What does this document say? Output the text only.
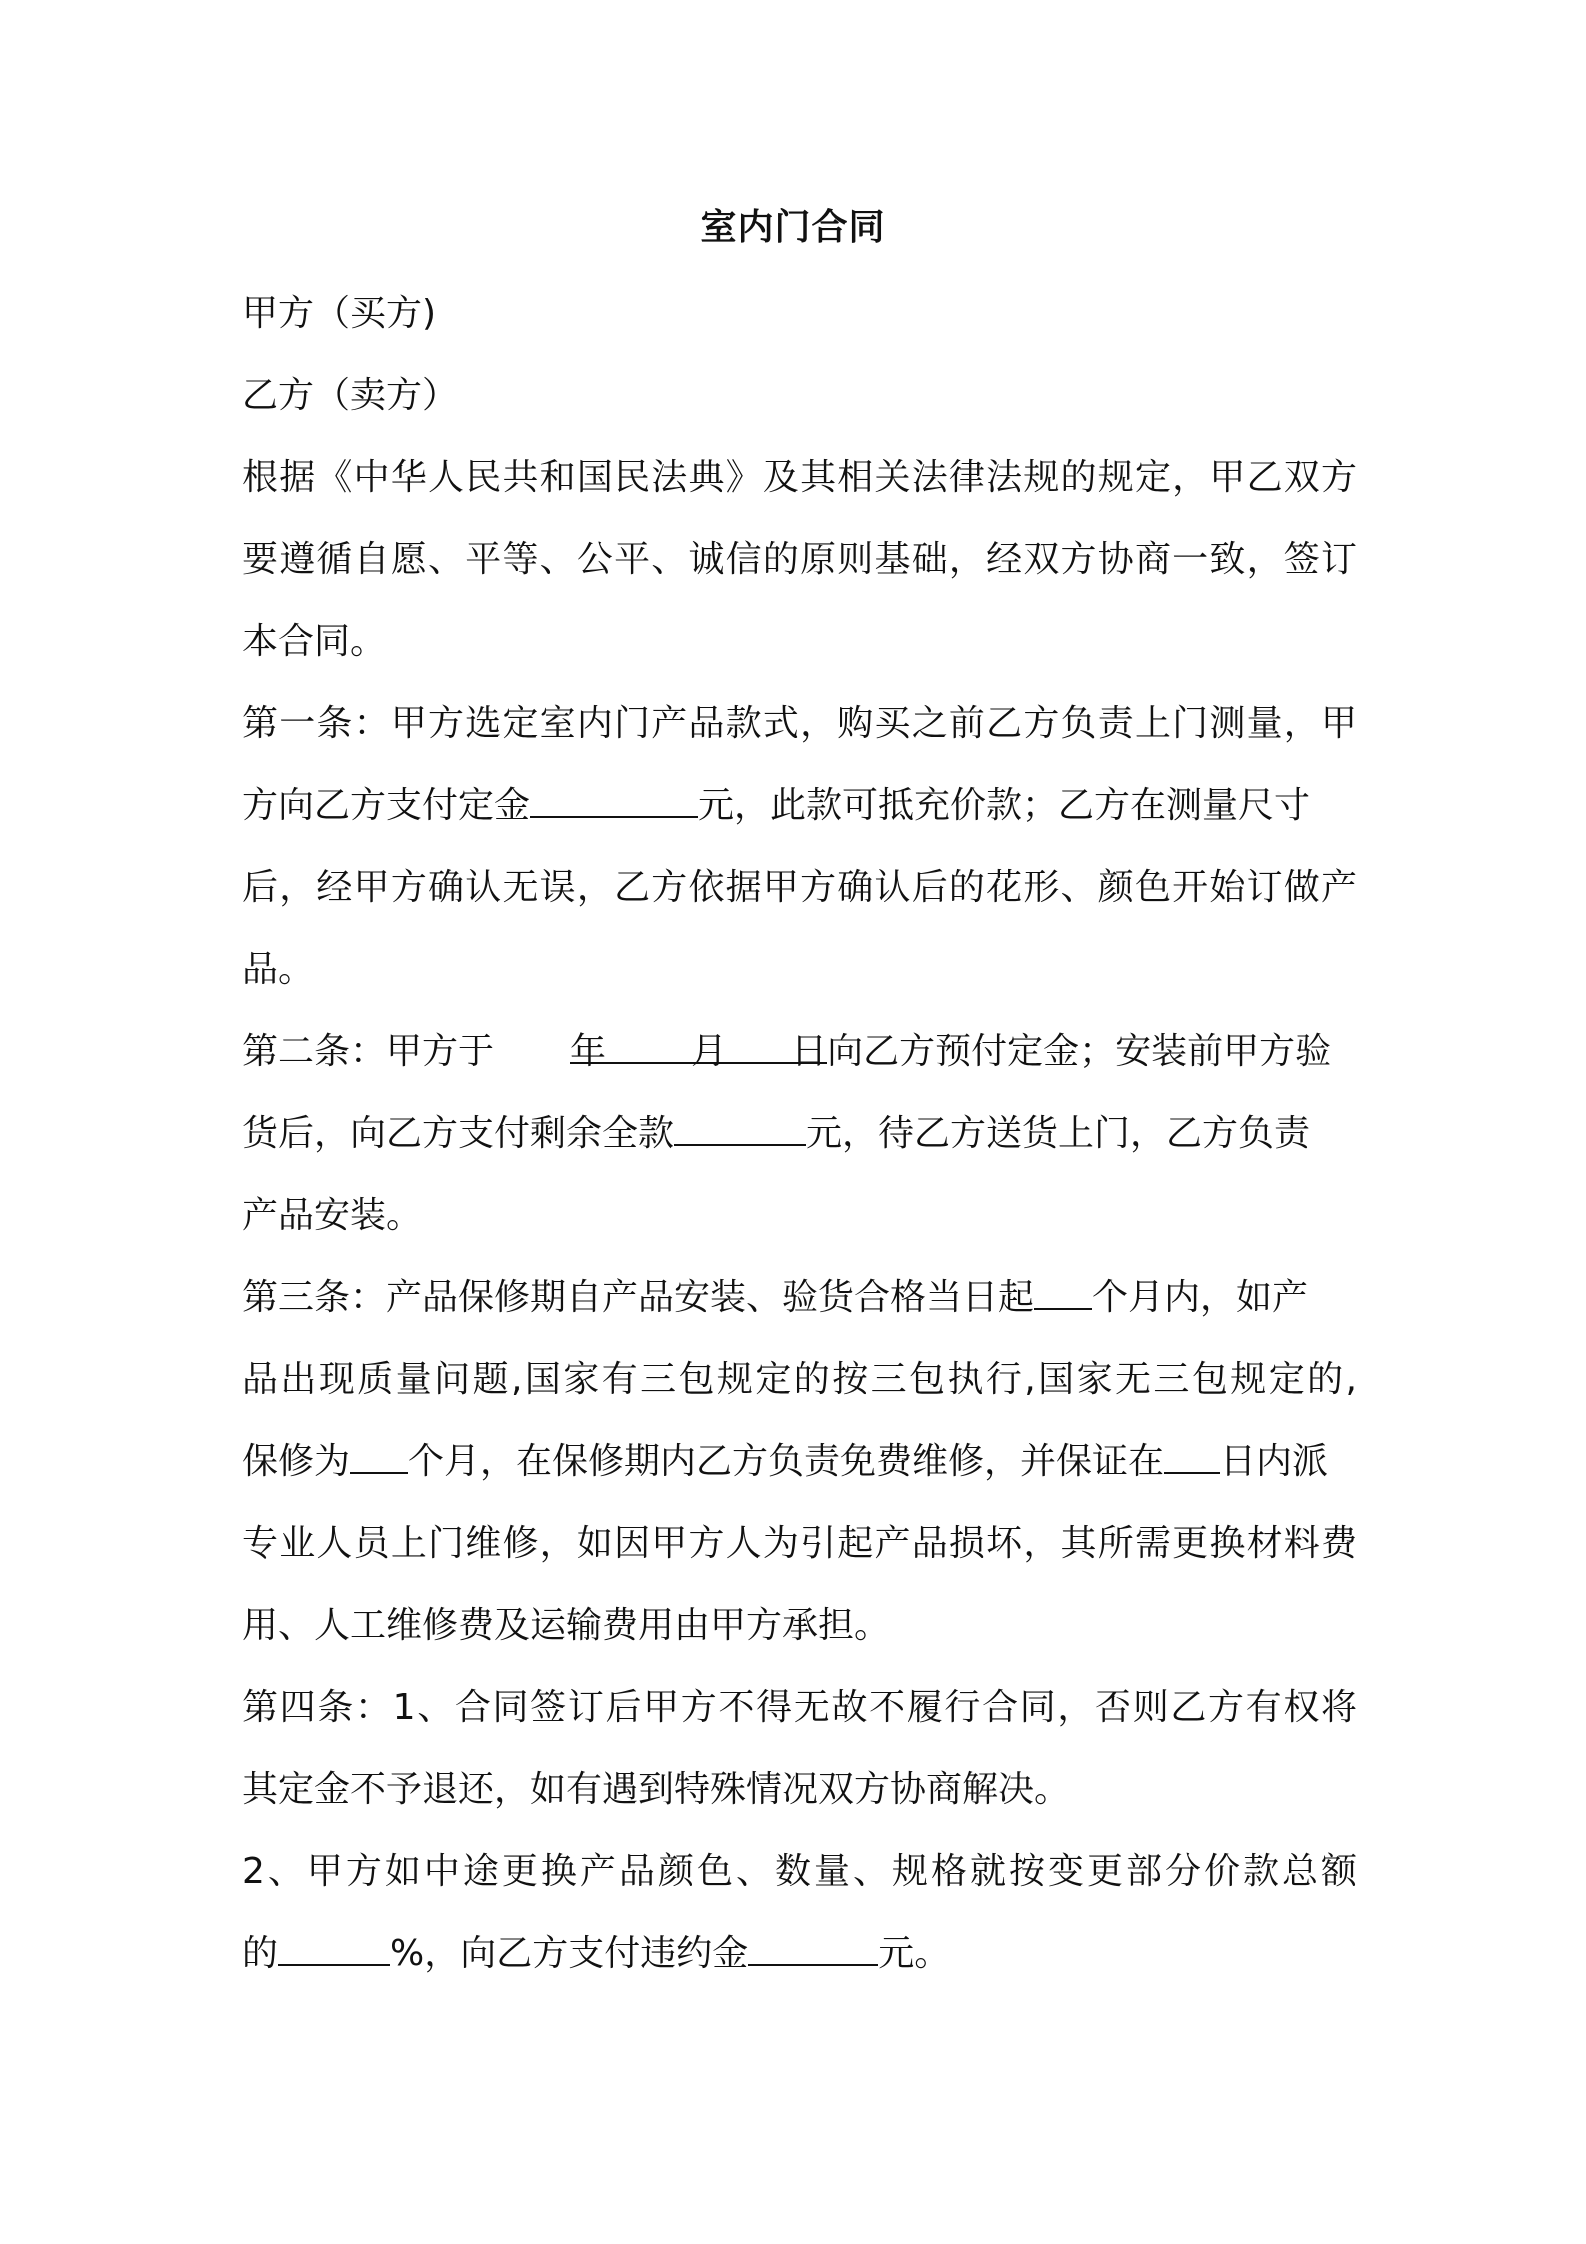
室内门合同
甲方（买方)
乙方（卖方）
根据《中华人民共和国民法典》及其相关法律法规的规定，甲乙双方
要遵循自愿、平等、公平、诚信的原则基础，经双方协商一致，签订
本合同。
第一条：甲方选定室内门产品款式，购买之前乙方负责上门测量，甲
方向乙方支付定金	元，此款可抵充价款；乙方在测量尺寸
后，经甲方确认无误，乙方依据甲方确认后的花形、颜色开始订做产
品。
第二条：甲方于 年 月 日向乙方预付定金；安装前甲方验
货后，向乙方支付剩余全款	元，待乙方送货上门，乙方负责
产品安装。
第三条：产品保修期自产品安装、验货合格当日起 个月内，如产
品出现质量问题,国家有三包规定的按三包执行,国家无三包规定的,
保修为 个月，在保修期内乙方负责免费维修，并保证在 日内派
专业人员上门维修，如因甲方人为引起产品损坏，其所需更换材料费
用、人工维修费及运输费用由甲方承担。
第四条：1、合同签订后甲方不得无故不履行合同，否则乙方有权将
其定金不予退还，如有遇到特殊情况双方协商解决。
2、甲方如中途更换产品颜色、数量、规格就按变更部分价款总额
的	%，向乙方支付违约金	元。
